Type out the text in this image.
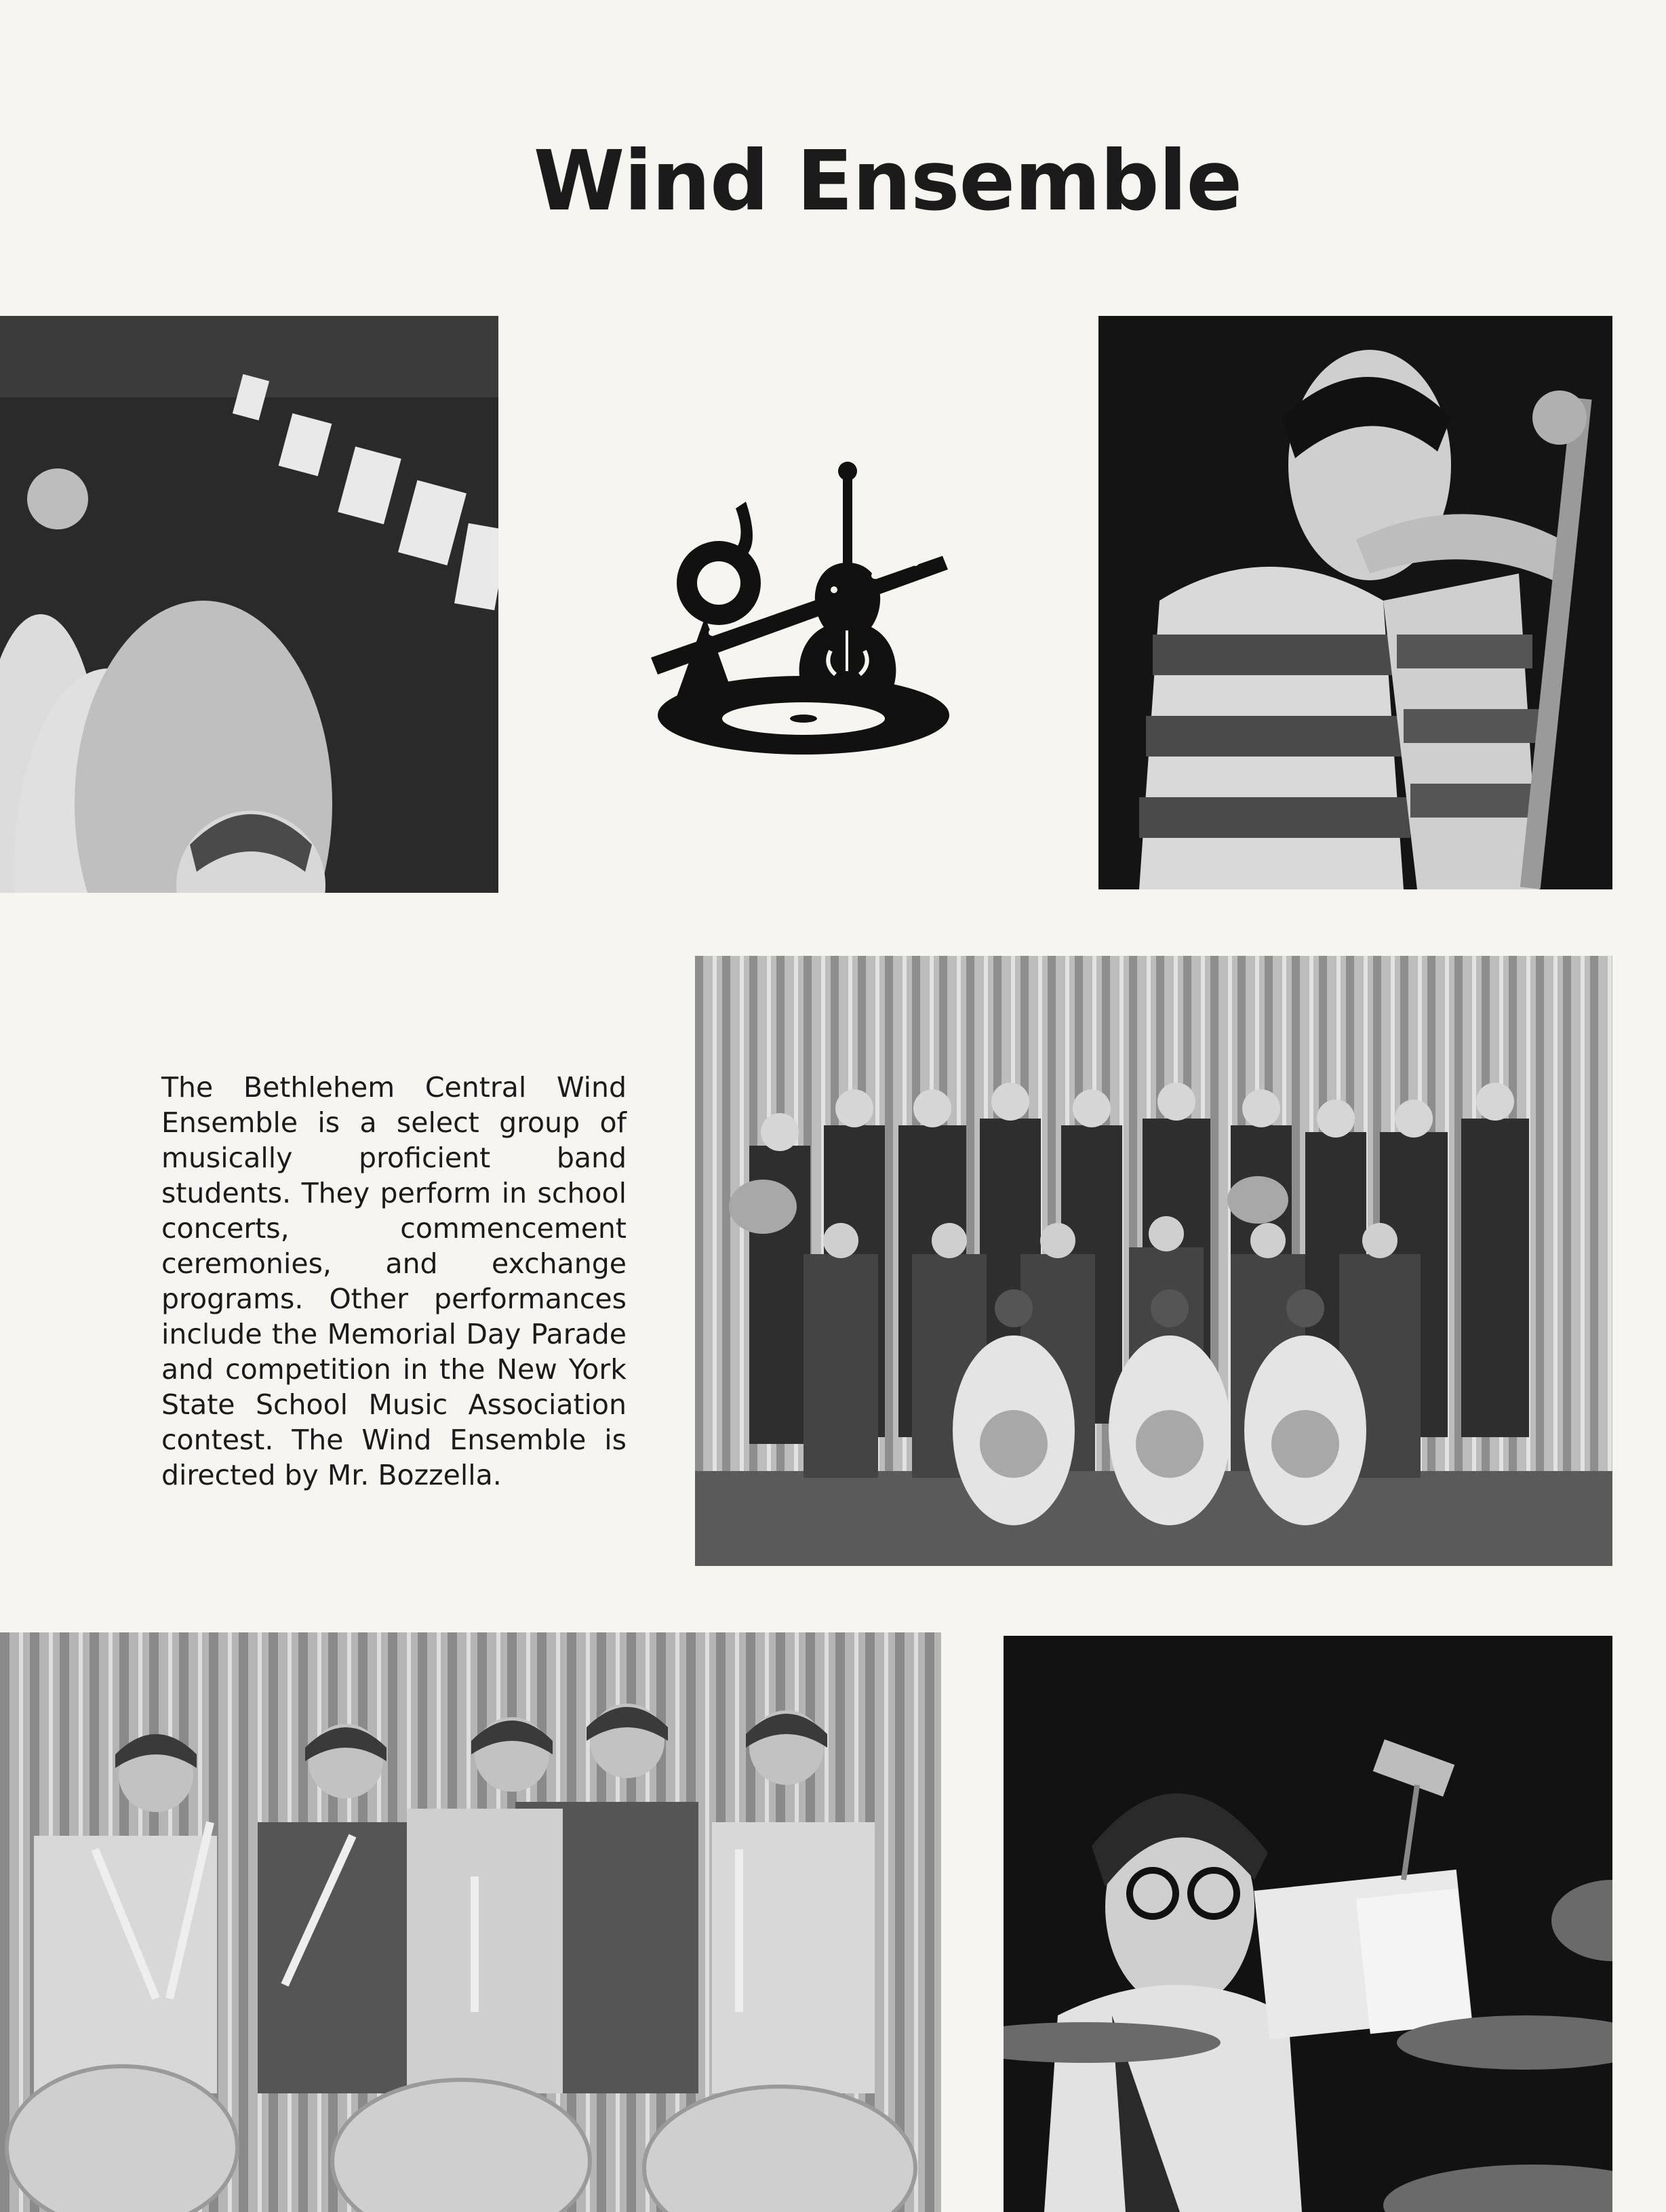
Wind Ensemble

The Bethlehem Central Wind Ensemble is a select group of musically proficient band students. They perform in school concerts, commencement ceremonies, and exchange programs. Other performances include the Memorial Day Parade and competition in the New York State School Music Association contest. The Wind Ensemble is directed by Mr. Bozzella.
